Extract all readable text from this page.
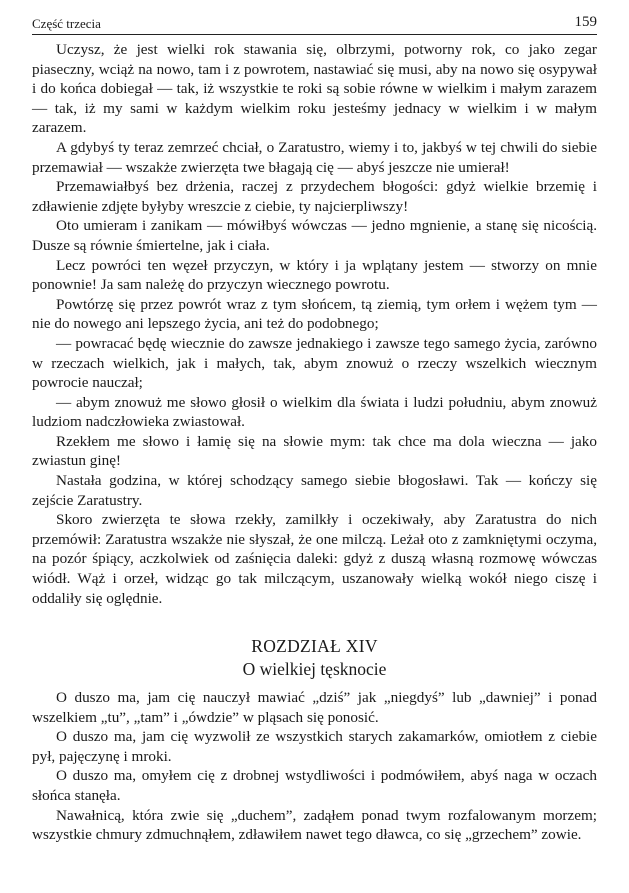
Część trzecia	159

Uczysz, że jest wielki rok stawania się, olbrzymi, potworny rok, co jako zegar piaseczny, wciąż na nowo, tam i z powrotem, nastawiać się musi, aby na nowo się osypywał i do końca dobiegał — tak, iż wszystkie te roki są sobie równe w wielkim i małym zarazem — tak, iż my sami w każdym wielkim roku jesteśmy jednacy w wielkim i w małym zarazem.

A gdybyś ty teraz zemrzeć chciał, o Zaratustro, wiemy i to, jakbyś w tej chwili do siebie przemawiał — wszakże zwierzęta twe błagają cię — abyś jeszcze nie umierał!

Przemawiałbyś bez drżenia, raczej z przydechem błogości: gdyż wielkie brzemię i zdławienie zdjęte byłyby wreszcie z ciebie, ty najcierpliwszy!

Oto umieram i zanikam — mówiłbyś wówczas — jedno mgnienie, a stanę się nicością. Dusze są równie śmiertelne, jak i ciała.

Lecz powróci ten węzeł przyczyn, w który i ja wplątany jestem — stworzy on mnie ponownie! Ja sam należę do przyczyn wiecznego powrotu.

Powtórzę się przez powrót wraz z tym słońcem, tą ziemią, tym orłem i wężem tym — nie do nowego ani lepszego życia, ani też do podobnego;

— powracać będę wiecznie do zawsze jednakiego i zawsze tego samego życia, zarówno w rzeczach wielkich, jak i małych, tak, abym znowuż o rzeczy wszelkich wiecznym powrocie nauczał;

— abym znowuż me słowo głosił o wielkim dla świata i ludzi południu, abym znowuż ludziom nadczłowieka zwiastował.

Rzekłem me słowo i łamię się na słowie mym: tak chce ma dola wieczna — jako zwiastun ginę!

Nastała godzina, w której schodzący samego siebie błogosławi. Tak — kończy się zejście Zaratustry.

Skoro zwierzęta te słowa rzekły, zamilkły i oczekiwały, aby Zaratustra do nich przemówił: Zaratustra wszakże nie słyszał, że one milczą. Leżał oto z zamkniętymi oczyma, na pozór śpiący, aczkolwiek od zaśnięcia daleki: gdyż z duszą własną rozmowę wówczas wiódł. Wąż i orzeł, widząc go tak milczącym, uszanowały wielką wokół niego ciszę i oddaliły się oględnie.

ROZDZIAŁ XIV
O wielkiej tęsknocie

O duszo ma, jam cię nauczył mawiać „dziś” jak „niegdyś” lub „dawniej” i ponad wszelkiem „tu”, „tam” i „ówdzie” w pląsach się ponosić.

O duszo ma, jam cię wyzwolił ze wszystkich starych zakamarków, omiotłem z ciebie pył, pajęczynę i mroki.

O duszo ma, omyłem cię z drobnej wstydliwości i podmówiłem, abyś naga w oczach słońca stanęła.

Nawałnicą, która zwie się „duchem”, zadąłem ponad twym rozfalowanym morzem; wszystkie chmury zdmuchnąłem, zdławiłem nawet tego dławca, co się „grzechem” zowie.
